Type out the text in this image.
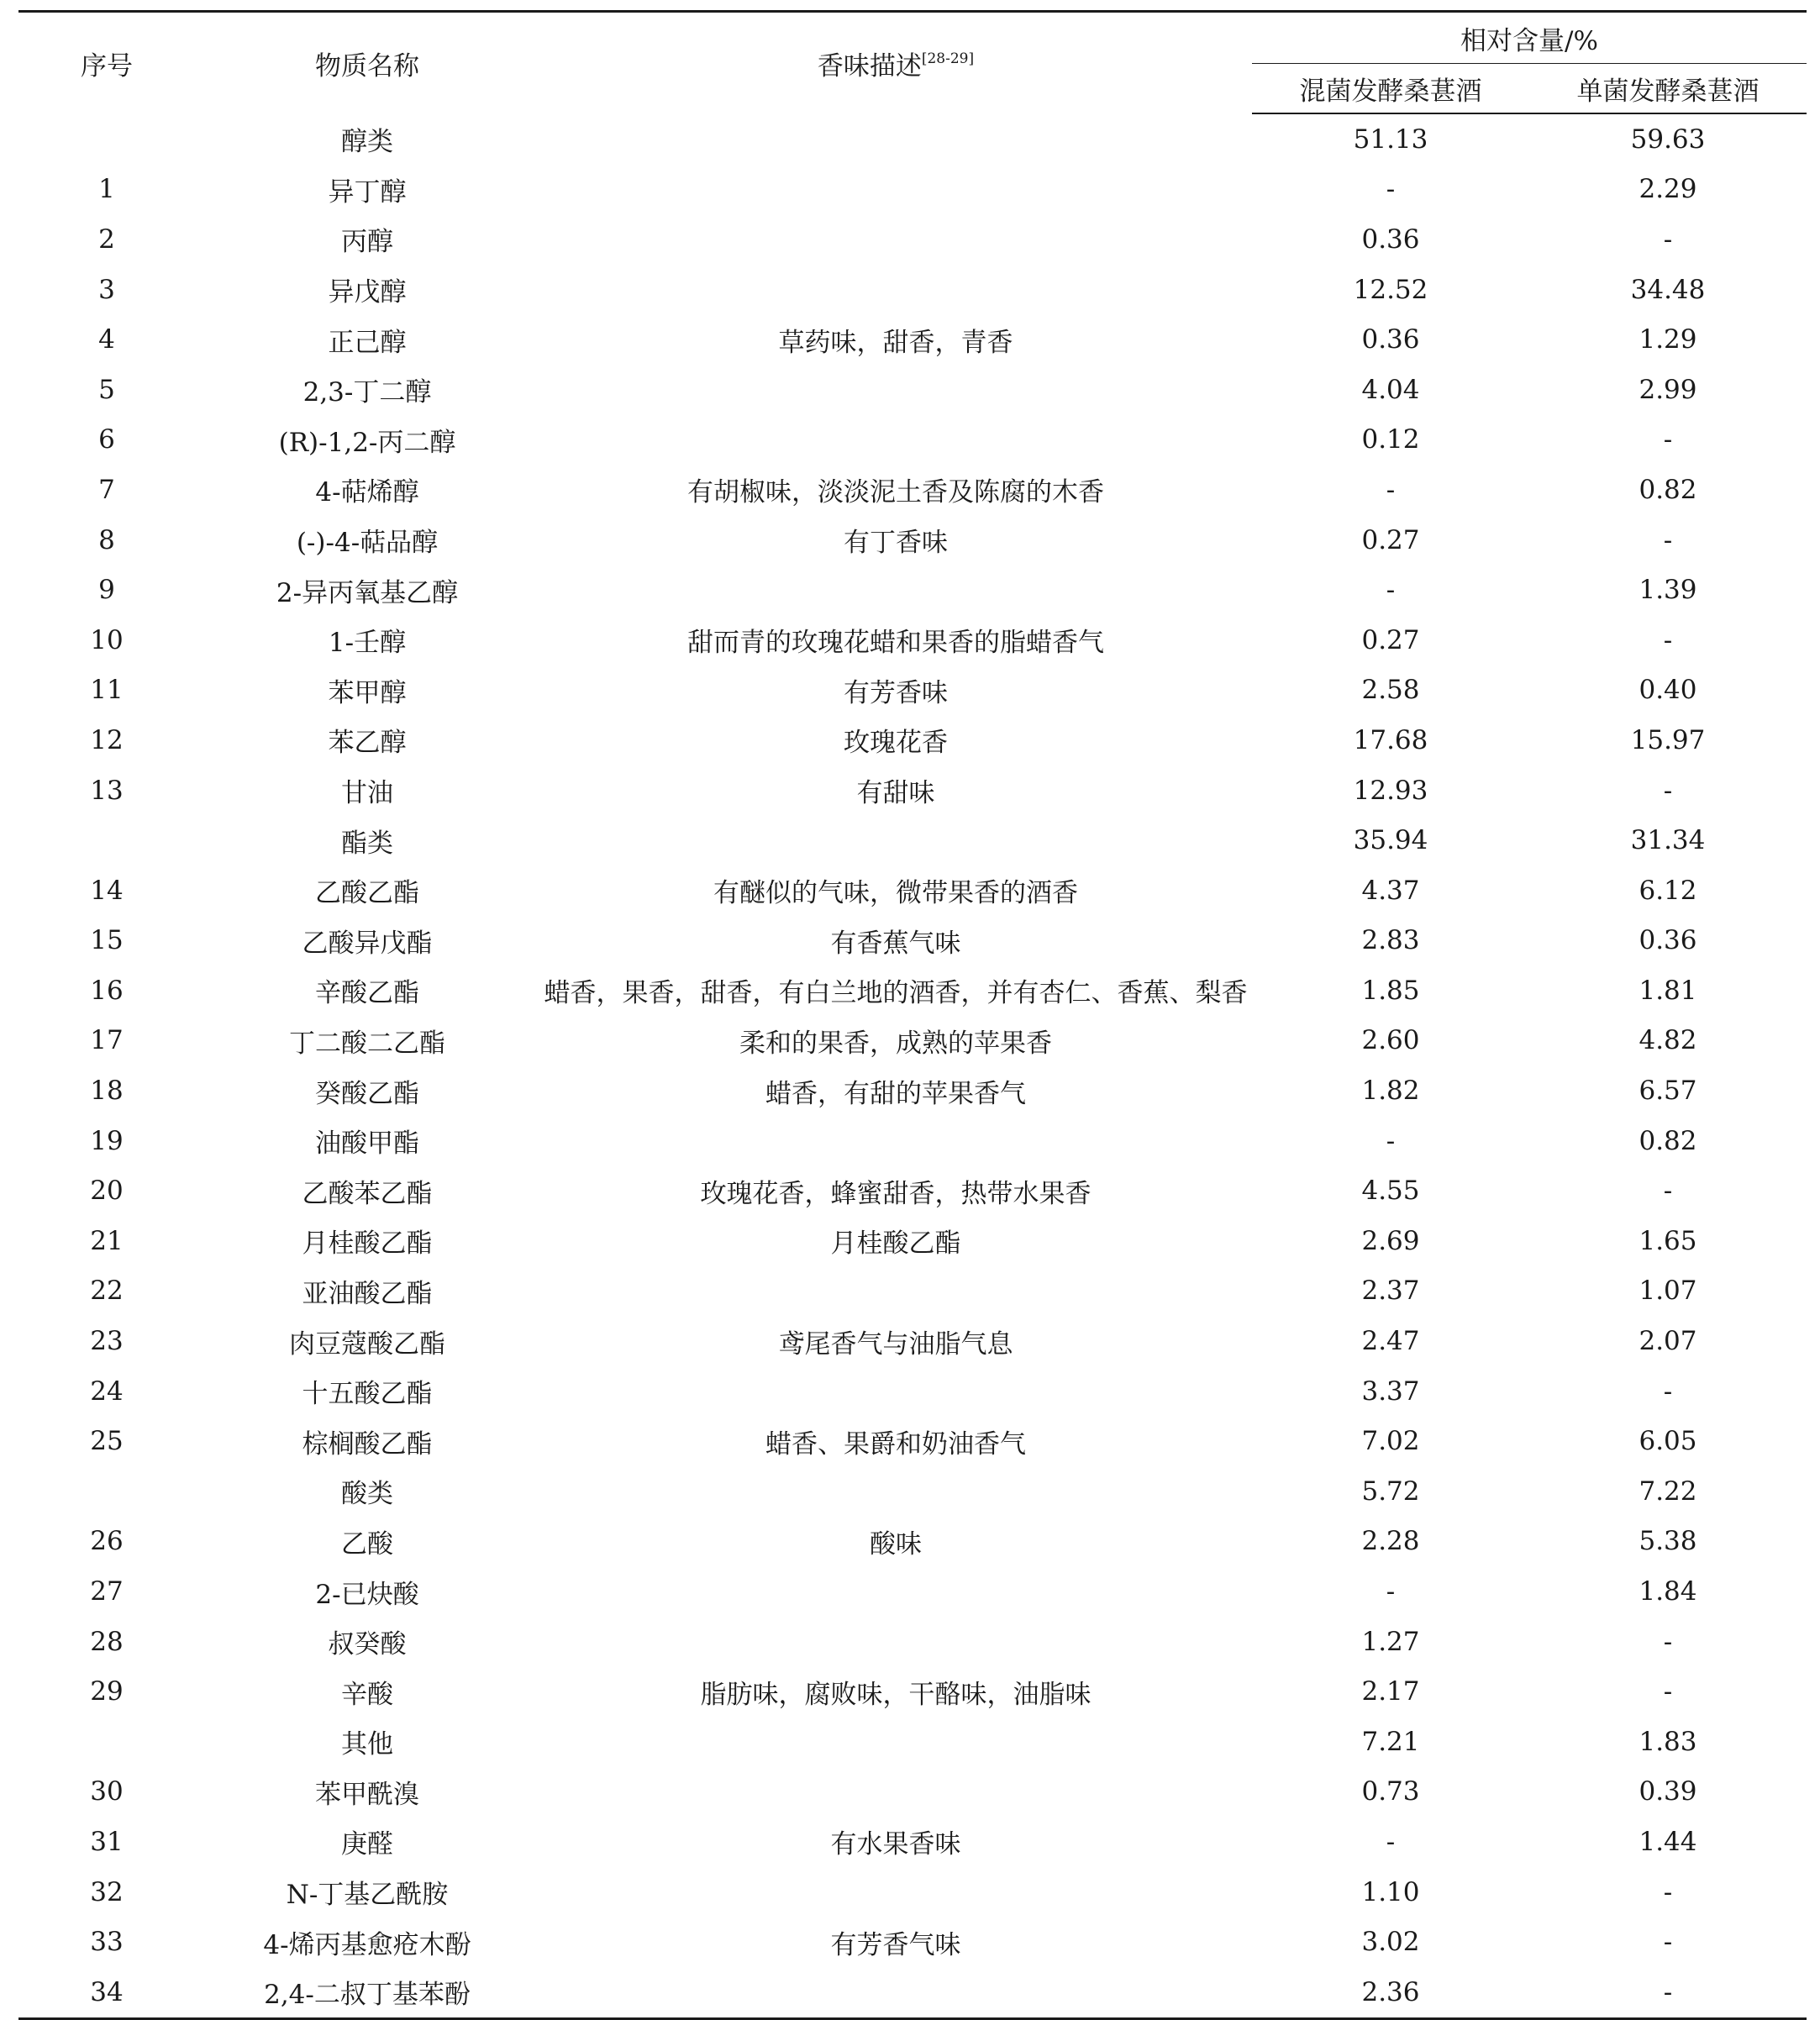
序号	物质名称	香味描述[28-29]	相对含量/%	
			混菌发酵桑葚酒	单菌发酵桑葚酒
	醇类		51.13	59.63
1	异丁醇		-	2.29
2	丙醇		0.36	-
3	异戊醇		12.52	34.48
4	正己醇	草药味，甜香，青香	0.36	1.29
5	2,3-丁二醇		4.04	2.99
6	(R)-1,2-丙二醇		0.12	-
7	4-萜烯醇	有胡椒味，淡淡泥土香及陈腐的木香	-	0.82
8	(-)-4-萜品醇	有丁香味	0.27	-
9	2-异丙氧基乙醇		-	1.39
10	1-壬醇	甜而青的玫瑰花蜡和果香的脂蜡香气	0.27	-
11	苯甲醇	有芳香味	2.58	0.40
12	苯乙醇	玫瑰花香	17.68	15.97
13	甘油	有甜味	12.93	-
	酯类		35.94	31.34
14	乙酸乙酯	有醚似的气味，微带果香的酒香	4.37	6.12
15	乙酸异戊酯	有香蕉气味	2.83	0.36
16	辛酸乙酯	蜡香，果香，甜香，有白兰地的酒香，并有杏仁、香蕉、梨香	1.85	1.81
17	丁二酸二乙酯	柔和的果香，成熟的苹果香	2.60	4.82
18	癸酸乙酯	蜡香，有甜的苹果香气	1.82	6.57
19	油酸甲酯		-	0.82
20	乙酸苯乙酯	玫瑰花香，蜂蜜甜香，热带水果香	4.55	-
21	月桂酸乙酯	月桂酸乙酯	2.69	1.65
22	亚油酸乙酯		2.37	1.07
23	肉豆蔻酸乙酯	鸢尾香气与油脂气息	2.47	2.07
24	十五酸乙酯		3.37	-
25	棕榈酸乙酯	蜡香、果爵和奶油香气	7.02	6.05
	酸类		5.72	7.22
26	乙酸	酸味	2.28	5.38
27	2-已炔酸		-	1.84
28	叔癸酸		1.27	-
29	辛酸	脂肪味，腐败味，干酪味，油脂味	2.17	-
	其他		7.21	1.83
30	苯甲酰溴		0.73	0.39
31	庚醛	有水果香味	-	1.44
32	N-丁基乙酰胺		1.10	-
33	4-烯丙基愈疮木酚	有芳香气味	3.02	-
34	2,4-二叔丁基苯酚		2.36	-
